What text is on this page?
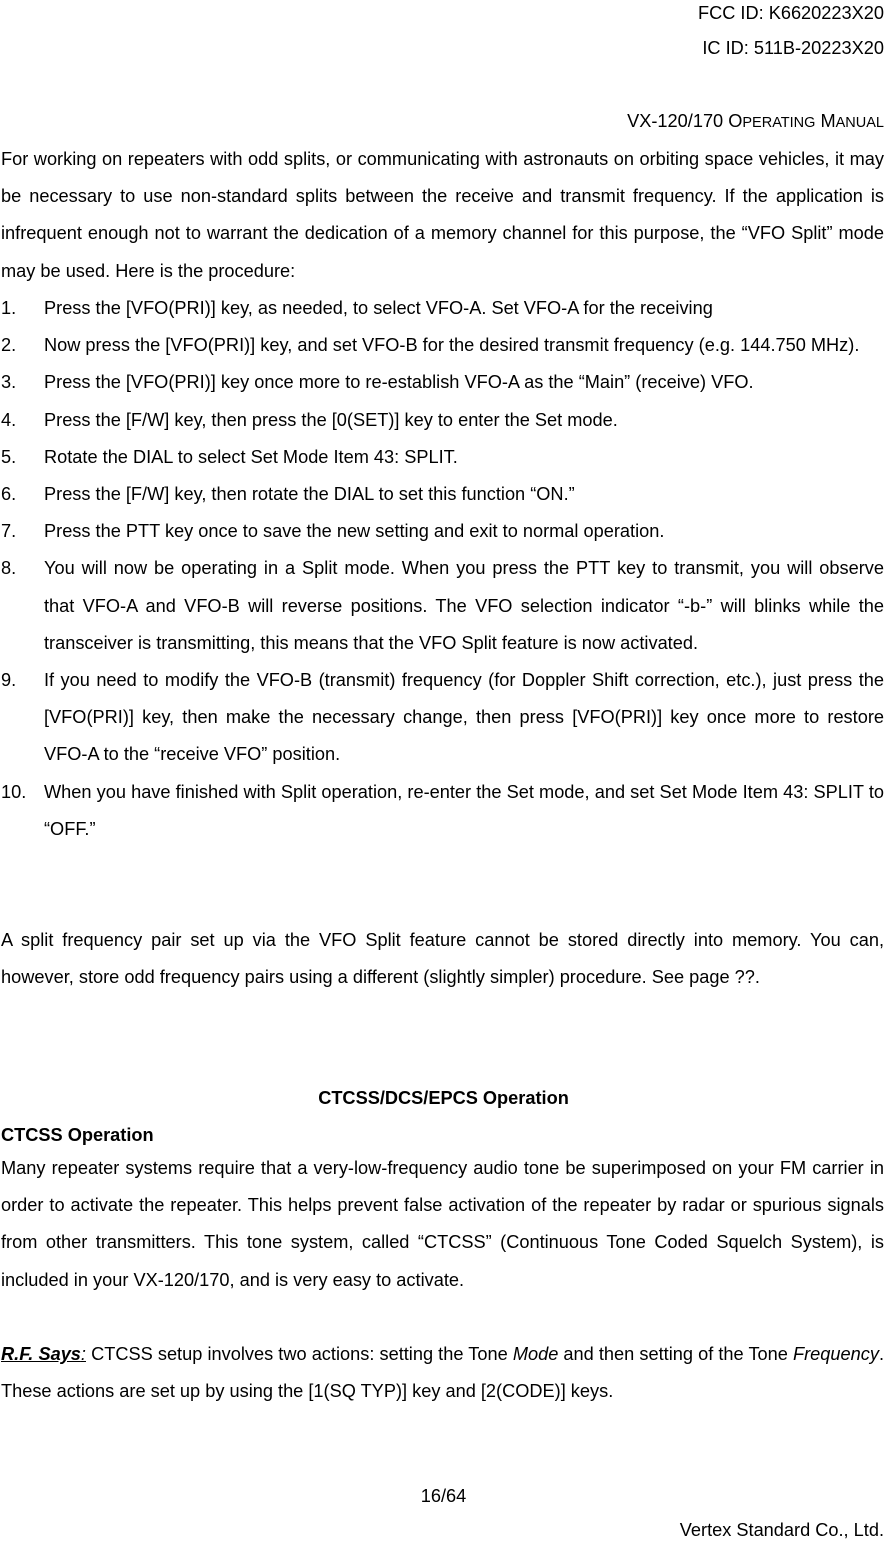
FCC ID: K6620223X20
IC ID: 511B-20223X20
VX-120/170 OPERATING MANUAL

For working on repeaters with odd splits, or communicating with astronauts on orbiting space vehicles, it may be necessary to use non-standard splits between the receive and transmit frequency. If the application is infrequent enough not to warrant the dedication of a memory channel for this purpose, the “VFO Split” mode may be used. Here is the procedure:

1. Press the [VFO(PRI)] key, as needed, to select VFO-A. Set VFO-A for the receiving
2. Now press the [VFO(PRI)] key, and set VFO-B for the desired transmit frequency (e.g. 144.750 MHz).
3. Press the [VFO(PRI)] key once more to re-establish VFO-A as the “Main” (receive) VFO.
4. Press the [F/W] key, then press the [0(SET)] key to enter the Set mode.
5. Rotate the DIAL to select Set Mode Item 43: SPLIT.
6. Press the [F/W] key, then rotate the DIAL to set this function “ON.”
7. Press the PTT key once to save the new setting and exit to normal operation.
8. You will now be operating in a Split mode. When you press the PTT key to transmit, you will observe that VFO-A and VFO-B will reverse positions. The VFO selection indicator “-b-” will blinks while the transceiver is transmitting, this means that the VFO Split feature is now activated.
9. If you need to modify the VFO-B (transmit) frequency (for Doppler Shift correction, etc.), just press the [VFO(PRI)] key, then make the necessary change, then press [VFO(PRI)] key once more to restore VFO-A to the “receive VFO” position.
10. When you have finished with Split operation, re-enter the Set mode, and set Set Mode Item 43: SPLIT to “OFF.”

A split frequency pair set up via the VFO Split feature cannot be stored directly into memory. You can, however, store odd frequency pairs using a different (slightly simpler) procedure. See page ??.

CTCSS/DCS/EPCS Operation
CTCSS Operation

Many repeater systems require that a very-low-frequency audio tone be superimposed on your FM carrier in order to activate the repeater. This helps prevent false activation of the repeater by radar or spurious signals from other transmitters. This tone system, called “CTCSS” (Continuous Tone Coded Squelch System), is included in your VX-120/170, and is very easy to activate.

R.F. Says: CTCSS setup involves two actions: setting the Tone Mode and then setting of the Tone Frequency. These actions are set up by using the [1(SQ TYP)] key and [2(CODE)] keys.

16/64
Vertex Standard Co., Ltd.
